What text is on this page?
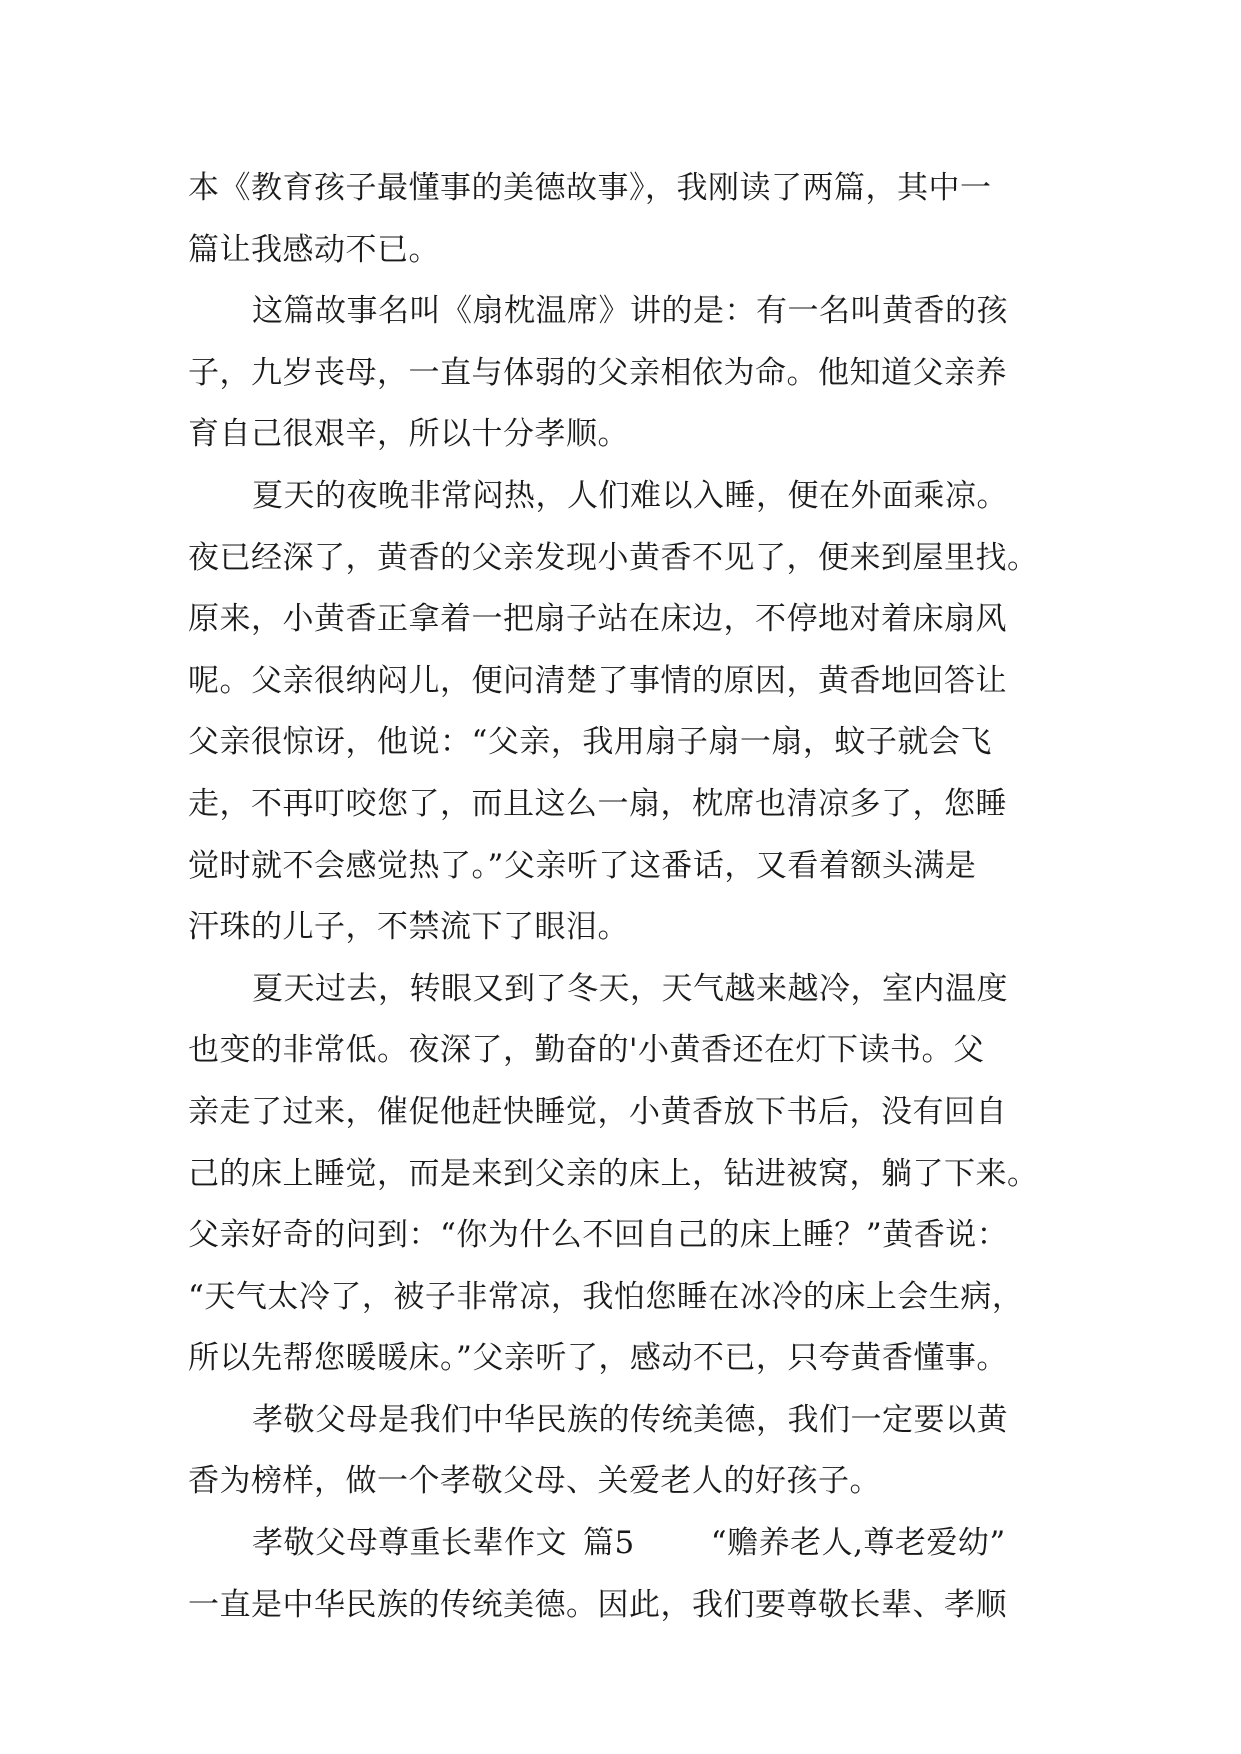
本《教育孩子最懂事的美德故事》，我刚读了两篇，其中一
篇让我感动不已。
这篇故事名叫《扇枕温席》讲的是：有一名叫黄香的孩
子，九岁丧母，一直与体弱的父亲相依为命。他知道父亲养
育自己很艰辛，所以十分孝顺。
夏天的夜晚非常闷热，人们难以入睡，便在外面乘凉。
夜已经深了，黄香的父亲发现小黄香不见了，便来到屋里找。
原来，小黄香正拿着一把扇子站在床边，不停地对着床扇风
呢。父亲很纳闷儿，便问清楚了事情的原因，黄香地回答让
父亲很惊讶，他说：“父亲，我用扇子扇一扇，蚊子就会飞
走，不再叮咬您了，而且这么一扇，枕席也清凉多了，您睡
觉时就不会感觉热了。”父亲听了这番话，又看着额头满是
汗珠的儿子，不禁流下了眼泪。
夏天过去，转眼又到了冬天，天气越来越冷，室内温度
也变的非常低。夜深了，勤奋的'小黄香还在灯下读书。父
亲走了过来，催促他赶快睡觉，小黄香放下书后，没有回自
己的床上睡觉，而是来到父亲的床上，钻进被窝，躺了下来。
父亲好奇的问到：“你为什么不回自己的床上睡？”黄香说：
“天气太冷了，被子非常凉，我怕您睡在冰冷的床上会生病，
所以先帮您暖暖床。”父亲听了，感动不已，只夸黄香懂事。
孝敬父母是我们中华民族的传统美德，我们一定要以黄
香为榜样，做一个孝敬父母、关爱老人的好孩子。
孝敬父母尊重长辈作文 篇5 “赡养老人,尊老爱幼”
一直是中华民族的传统美德。因此，我们要尊敬长辈、孝顺
